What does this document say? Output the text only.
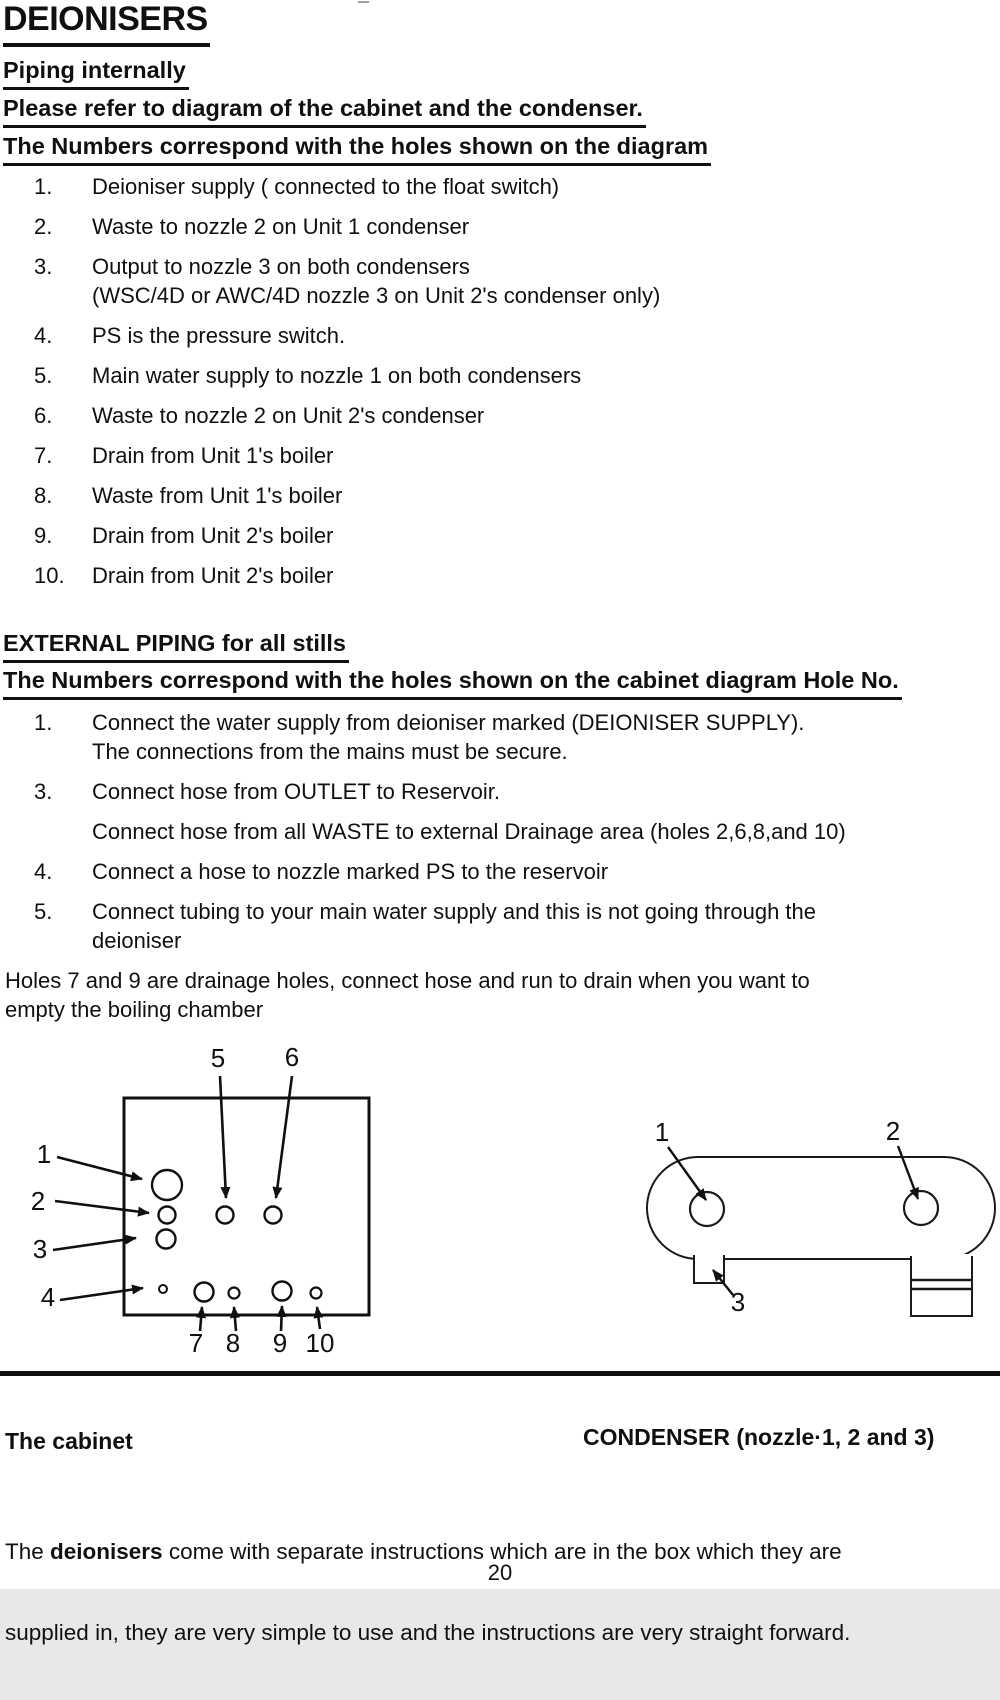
DEIONISERS
Piping internally
Please refer to diagram of the cabinet and the condenser.
The Numbers correspond with the holes shown on the diagram
1.	Deioniser supply ( connected to the float switch)
2.	Waste to nozzle 2 on Unit 1 condenser
3.	Output to nozzle 3 on both condensers
(WSC/4D or AWC/4D nozzle 3 on Unit 2's condenser only)
4.	PS is the pressure switch.
5.	Main water supply to nozzle 1 on both condensers
6.	Waste to nozzle 2 on Unit 2's condenser
7.	Drain from Unit 1's boiler
8.	Waste from Unit 1's boiler
9.	Drain from Unit 2's boiler
10.	Drain from Unit 2's boiler
EXTERNAL PIPING for all stills
The Numbers correspond with the holes shown on the cabinet diagram Hole No.
1.	Connect the water supply from deioniser marked (DEIONISER SUPPLY).
The connections from the mains must be secure.
3.	Connect hose from OUTLET to Reservoir.
Connect hose from all WASTE to external Drainage area (holes 2,6,8,and 10)
4.	Connect a hose to nozzle marked PS to the reservoir
5.	Connect tubing to your main water supply and this is not going through the
deioniser
Holes 7 and 9 are drainage holes, connect hose and run to drain when you want to
empty the boiling chamber
1
2
3
4
5 6
7 8 9 10
1	2
3
The cabinet	CONDENSER (nozzle·1, 2 and 3)

The deionisers come with separate instructions which are in the box which they are

supplied in, they are very simple to use and the instructions are very straight forward.

20
